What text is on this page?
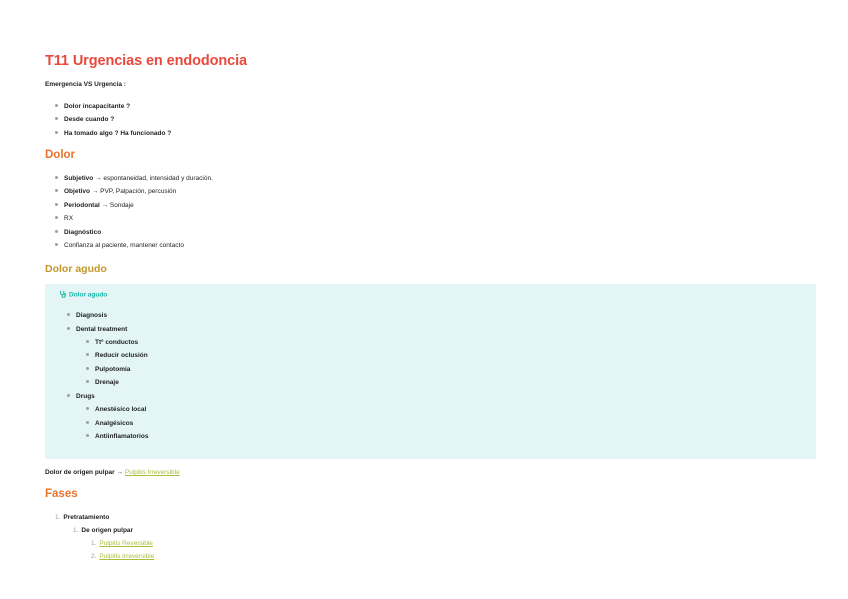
T11 Urgencias en endodoncia
Emergencia VS Urgencia :
Dolor incapacitante ?
Desde cuando ?
Ha tomado algo ? Ha funcionado ?
Dolor
Subjetivo → espontaneidad, intensidad y duración.
Objetivo → PVP, Palpación, percusión
Periodontal → Sondaje
RX
Diagnóstico
Confianza al paciente, mantener contacto
Dolor agudo
Dolor agudo
Diagnosis
Dental treatment
Ttº conductos
Reducir oclusión
Pulpotomía
Drenaje
Drugs
Anestésico local
Analgésicos
Antiinflamatorios
Dolor de origen pulpar → Pulpitis Irreversible
Fases
1. Pretratamiento
1. De origen pulpar
1. Pulpitis Reversible
2. Pulpitis Irreversible
